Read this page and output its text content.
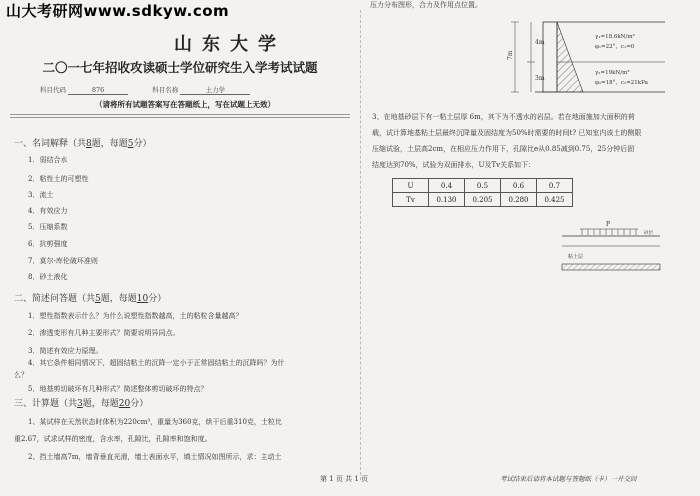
山大考研网www.sdkyw.com
山东大学
二〇一七年招收攻读硕士学位研究生入学考试试题
科目代码	876	科目名称	土力学
（请将所有试题答案写在答题纸上，写在试题上无效）
一、名词解释（共8题，每题5分）
1．弱结合水
2．粘性土的可塑性
3．流土
4．有效应力
5．压缩系数
6．抗剪强度
7．莫尔-库伦破坏准则
8．砂土液化
二、简述问答题（共5题，每题10分）
1．塑性指数表示什么？为什么说塑性指数越高，土的粘粒含量越高？
2．渗透变形有几种主要形式？简要说明异同点。
3．简述有效应力原理。
4．其它条件相同情况下，超固结粘土的沉降一定小于正常固结粘土的沉降吗？为什
么？
5．地基剪切破坏有几种形式？简述整体剪切破坏的特点？
三、计算题（共3题，每题20分）
1、某试样在天然状态时体积为220cm³，重量为360克，烘干后重310克，土粒比
重2.67，试求试样的密度，含水率，孔隙比，孔隙率和饱和度。
2、挡土墙高7m，墙背垂直光滑，墙土表面水平，填土情况如图所示，求：主动土
压力分布图形，合力及作用点位置。
7m
4m
3m
γ₁=18.6kN/m³
φ₁=22°，c₁=0
γ₂=19kN/m³
φ₂=18°，c₂=21kPa
3、在地基砂层下有一粘土层厚 6m，其下为不透水的岩层。若在地面施加大面积的荷
载，试计算地基粘土层最终沉降量及固结度为50%时需要的时间t? 已知室内该土的侧限
压缩试验，土层高2cm，在相应压力作用下，孔隙比e从0.85减到0.75，25分钟后固
结度达到70%，试验为双面排水，U及Tv关系如下：
U	0.4	0.5	0.6	0.7
Tv	0.130	0.205	0.280	0.425
P
砂层
粘土层
第 1 页 共 1 页	考试结束后请将本试题与答题纸（卡）一并交回
